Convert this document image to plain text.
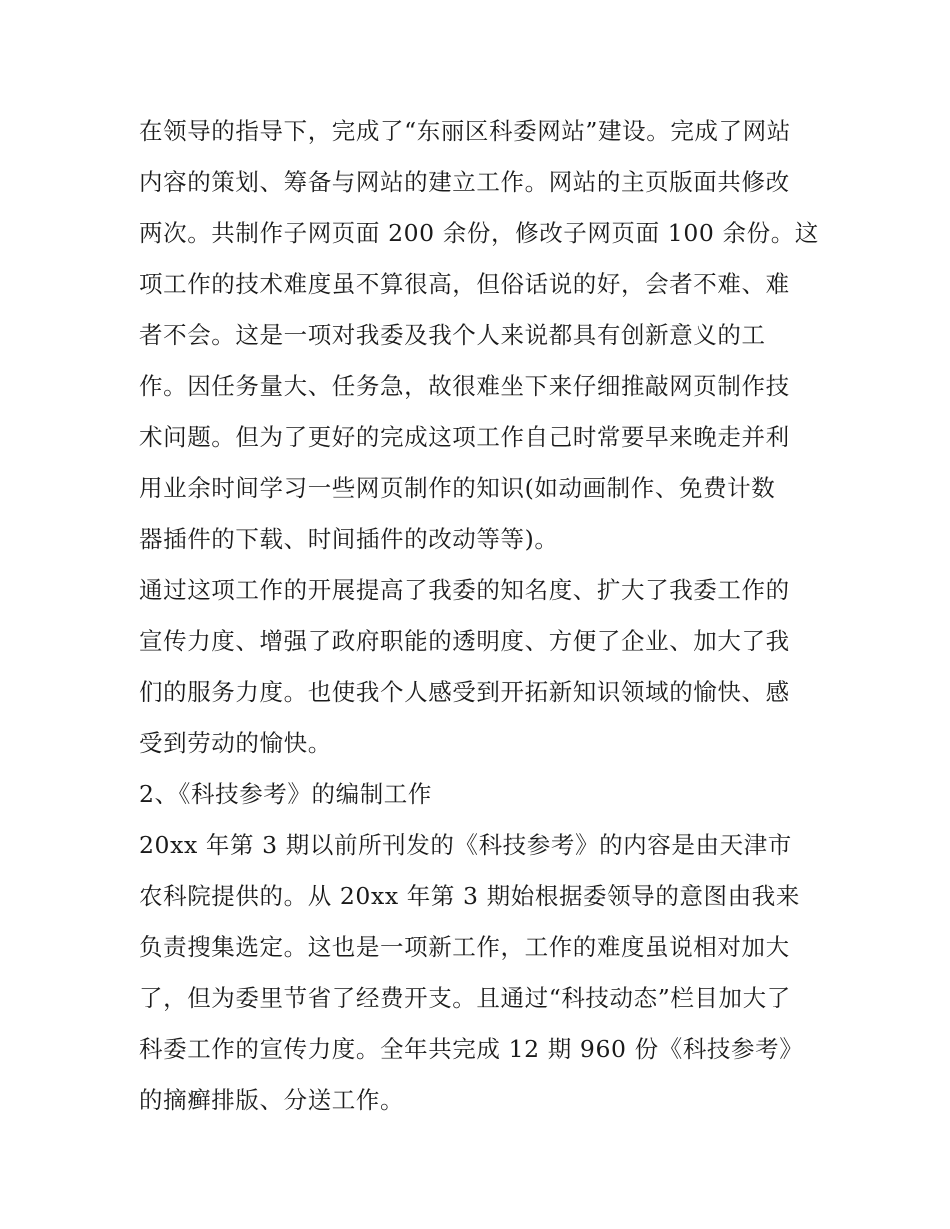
在领导的指导下，完成了“东丽区科委网站”建设。完成了网站
内容的策划、筹备与网站的建立工作。网站的主页版面共修改
两次。共制作子网页面 200 余份，修改子网页面 100 余份。这
项工作的技术难度虽不算很高，但俗话说的好，会者不难、难
者不会。这是一项对我委及我个人来说都具有创新意义的工
作。因任务量大、任务急，故很难坐下来仔细推敲网页制作技
术问题。但为了更好的完成这项工作自己时常要早来晚走并利
用业余时间学习一些网页制作的知识(如动画制作、免费计数
器插件的下载、时间插件的改动等等)。
通过这项工作的开展提高了我委的知名度、扩大了我委工作的
宣传力度、增强了政府职能的透明度、方便了企业、加大了我
们的服务力度。也使我个人感受到开拓新知识领域的愉快、感
受到劳动的愉快。
2、《科技参考》的编制工作
20xx 年第 3 期以前所刊发的《科技参考》的内容是由天津市
农科院提供的。从 20xx 年第 3 期始根据委领导的意图由我来
负责搜集选定。这也是一项新工作，工作的难度虽说相对加大
了，但为委里节省了经费开支。且通过“科技动态”栏目加大了
科委工作的宣传力度。全年共完成 12 期 960 份《科技参考》
的摘癣排版、分送工作。
